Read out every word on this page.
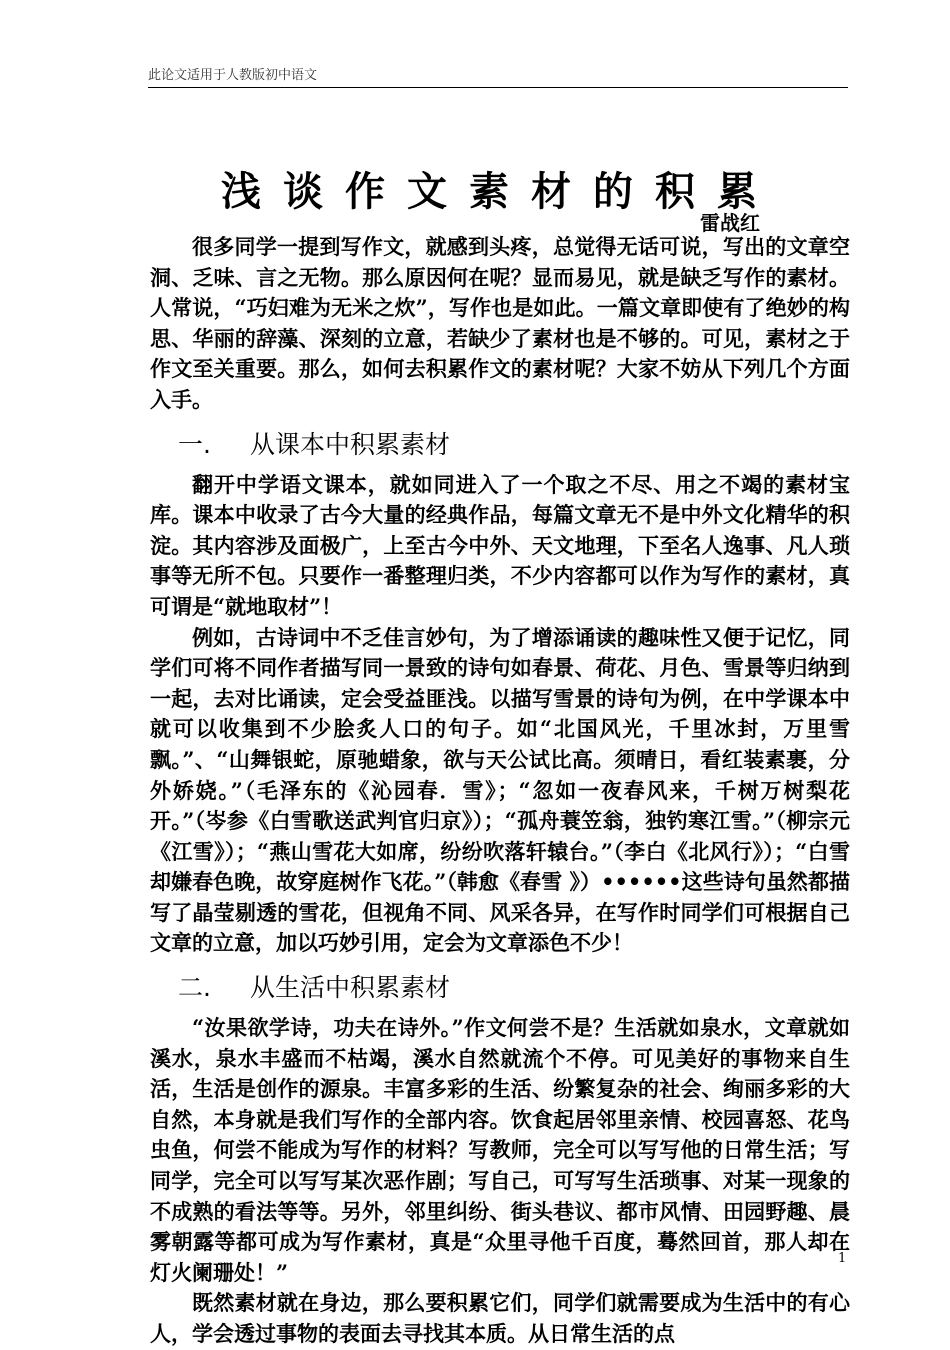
此论文适用于人教版初中语文
浅谈作文素材的积累
雷战红

很多同学一提到写作文，就感到头疼，总觉得无话可说，写出的文章空洞、乏味、言之无物。那么原因何在呢？显而易见，就是缺乏写作的素材。人常说，“巧妇难为无米之炊”，写作也是如此。一篇文章即使有了绝妙的构思、华丽的辞藻、深刻的立意，若缺少了素材也是不够的。可见，素材之于作文至关重要。那么，如何去积累作文的素材呢？大家不妨从下列几个方面入手。

一. 从课本中积累素材

翻开中学语文课本，就如同进入了一个取之不尽、用之不竭的素材宝库。课本中收录了古今大量的经典作品，每篇文章无不是中外文化精华的积淀。其内容涉及面极广，上至古今中外、天文地理，下至名人逸事、凡人琐事等无所不包。只要作一番整理归类，不少内容都可以作为写作的素材，真可谓是“就地取材”！

例如，古诗词中不乏佳言妙句，为了增添诵读的趣味性又便于记忆，同学们可将不同作者描写同一景致的诗句如春景、荷花、月色、雪景等归纳到一起，去对比诵读，定会受益匪浅。以描写雪景的诗句为例，在中学课本中就可以收集到不少脍炙人口的句子。如“北国风光，千里冰封，万里雪飘。”、“山舞银蛇，原驰蜡象，欲与天公试比高。须晴日，看红装素裹，分外娇娆。”（毛泽东的《沁园春．雪》；“忽如一夜春风来，千树万树梨花开。”（岑参《白雪歌送武判官归京》）；“孤舟蓑笠翁，独钓寒江雪。”（柳宗元《江雪》）；“燕山雪花大如席，纷纷吹落轩辕台。”（李白《北风行》）；“白雪却嫌春色晚，故穿庭树作飞花。”（韩愈《春雪 》）••••••这些诗句虽然都描写了晶莹剔透的雪花，但视角不同、风采各异，在写作时同学们可根据自己文章的立意，加以巧妙引用，定会为文章添色不少！

二. 从生活中积累素材

“汝果欲学诗，功夫在诗外。”作文何尝不是？生活就如泉水，文章就如溪水，泉水丰盛而不枯竭，溪水自然就流个不停。可见美好的事物来自生活，生活是创作的源泉。丰富多彩的生活、纷繁复杂的社会、绚丽多彩的大自然，本身就是我们写作的全部内容。饮食起居邻里亲情、校园喜怒、花鸟虫鱼，何尝不能成为写作的材料？写教师，完全可以写写他的日常生活；写同学，完全可以写写某次恶作剧；写自己，可写写生活琐事、对某一现象的不成熟的看法等等。另外，邻里纠纷、街头巷议、都市风情、田园野趣、晨雾朝露等都可成为写作素材，真是“众里寻他千百度，蓦然回首，那人却在灯火阑珊处！”

既然素材就在身边，那么要积累它们，同学们就需要成为生活中的有心人，学会透过事物的表面去寻找其本质。从日常生活的点

1
